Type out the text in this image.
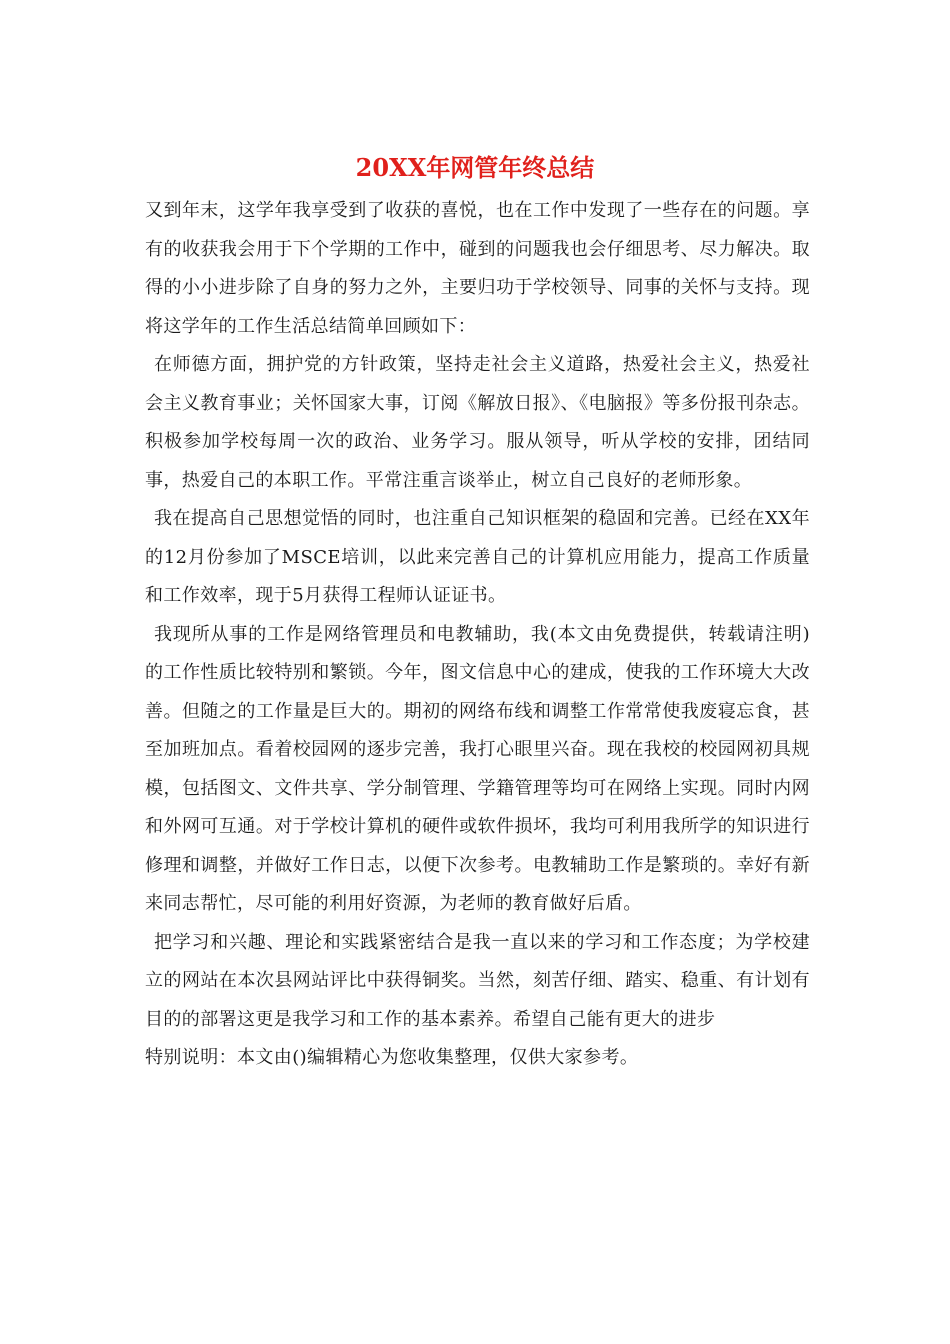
20XX年网管年终总结

又到年末，这学年我享受到了收获的喜悦，也在工作中发现了一些存在的问题。享有的收获我会用于下个学期的工作中，碰到的问题我也会仔细思考、尽力解决。取得的小小进步除了自身的努力之外，主要归功于学校领导、同事的关怀与支持。现将这学年的工作生活总结简单回顾如下：

在师德方面，拥护党的方针政策，坚持走社会主义道路，热爱社会主义，热爱社会主义教育事业；关怀国家大事，订阅《解放日报》、《电脑报》等多份报刊杂志。积极参加学校每周一次的政治、业务学习。服从领导，听从学校的安排，团结同事，热爱自己的本职工作。平常注重言谈举止，树立自己良好的老师形象。

我在提高自己思想觉悟的同时，也注重自己知识框架的稳固和完善。已经在XX年的12月份参加了MSCE培训，以此来完善自己的计算机应用能力，提高工作质量和工作效率，现于5月获得工程师认证证书。

我现所从事的工作是网络管理员和电教辅助，我(本文由免费提供，转载请注明)的工作性质比较特别和繁锁。今年，图文信息中心的建成，使我的工作环境大大改善。但随之的工作量是巨大的。期初的网络布线和调整工作常常使我废寝忘食，甚至加班加点。看着校园网的逐步完善，我打心眼里兴奋。现在我校的校园网初具规模，包括图文、文件共享、学分制管理、学籍管理等均可在网络上实现。同时内网和外网可互通。对于学校计算机的硬件或软件损坏，我均可利用我所学的知识进行修理和调整，并做好工作日志，以便下次参考。电教辅助工作是繁琐的。幸好有新来同志帮忙，尽可能的利用好资源，为老师的教育做好后盾。

把学习和兴趣、理论和实践紧密结合是我一直以来的学习和工作态度；为学校建立的网站在本次县网站评比中获得铜奖。当然，刻苦仔细、踏实、稳重、有计划有目的的部署这更是我学习和工作的基本素养。希望自己能有更大的进步

特别说明：本文由()编辑精心为您收集整理，仅供大家参考。
